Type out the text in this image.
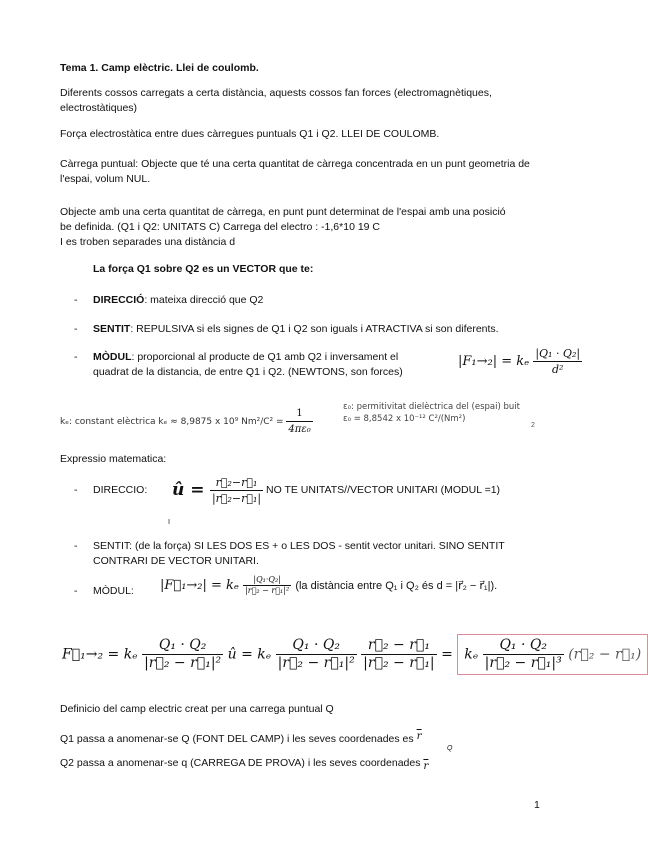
Tema 1. Camp elèctric. Llei de coulomb.
Diferents cossos carregats a certa distància, aquests cossos fan forces (electromagnètiques, electrostàtiques)
Força electrostàtica entre dues càrregues puntuals Q1 i Q2. LLEI DE COULOMB.
Càrrega puntual: Objecte que té una certa quantitat de càrrega concentrada en un punt geometria de l'espai, volum NUL.
Objecte amb una certa quantitat de càrrega, en punt punt determinat de l'espai amb una posició
be definida. (Q1 i Q2: UNITATS C) Carrega del electro : -1,6*10 19 C
I es troben separades una distància d
La força Q1 sobre Q2 es un VECTOR que te:
- DIRECCIÓ: mateixa direcció que Q2
- SENTIT: REPULSIVA si els signes de Q1 i Q2 son iguals i ATRACTIVA si son diferents.
- MÒDUL: proporcional al producte de Q1 amb Q2 i inversament el
quadrat de la distancia, de entre Q1 i Q2. (NEWTONS, son forces)
|F₁→₂| = kₑ $\frac{\text{|Q₁ · Q₂|}}{\text{d²}}$
kₑ: constant elèctrica kₑ ≈ 8,9875 x 10⁹ $Nm^2/C^2 = \frac{1}{\text{4πε₀}}$	ε₀: permitivitat dielèctrica del (espai) buit
ε₀ = 8,8542 x 10⁻¹² C²/(Nm²)
2
Expressio matematica:
- DIRECCIO: û = $\frac{\text{r⃗₂−r⃗₁}}{\text{|r⃗₂−r⃗₁|}}$ NO TE UNITATS//VECTOR UNITARI (MODUL =1)
ι
- SENTIT: (de la força) SI LES DOS ES + o LES DOS - sentit vector unitari. SINO SENTIT
CONTRARI DE VECTOR UNITARI.
- MÒDUL: |F⃗₁→₂| = kₑ $\frac{\text{|Q₁·Q₂|}}{\text{|r⃗₂ − r⃗₁|²}} (la$ distància entre Q₁ i Q₂ és d = |r⃗₂ − r⃗₁|).
F⃗₁→₂ = kₑ $\frac{\text{Q₁ · Q₂}}{\text{|r⃗₂ − r⃗₁|²}}$ û = kₑ $\frac{\text{Q₁ · Q₂}}{\text{|r⃗₂ − r⃗₁|²}}$
$\frac{\text{r⃗₂ − r⃗₁}}{\text{|r⃗₂ − r⃗₁|}} = k_e \frac{\text{Q₁ · Q₂}}{\text{|r⃗₂ − r⃗₁|³}}$ (r⃗₂ − r⃗₁)
Definicio del camp electric creat per una carrega puntual Q
Q1 passa a anomenar-se Q (FONT DEL CAMP) i les seves coordenades es $\overline{r}$
Q
Q2 passa a anomenar-se q (CARREGA DE PROVA) i les seves coordenades $\overline{r}$
1
